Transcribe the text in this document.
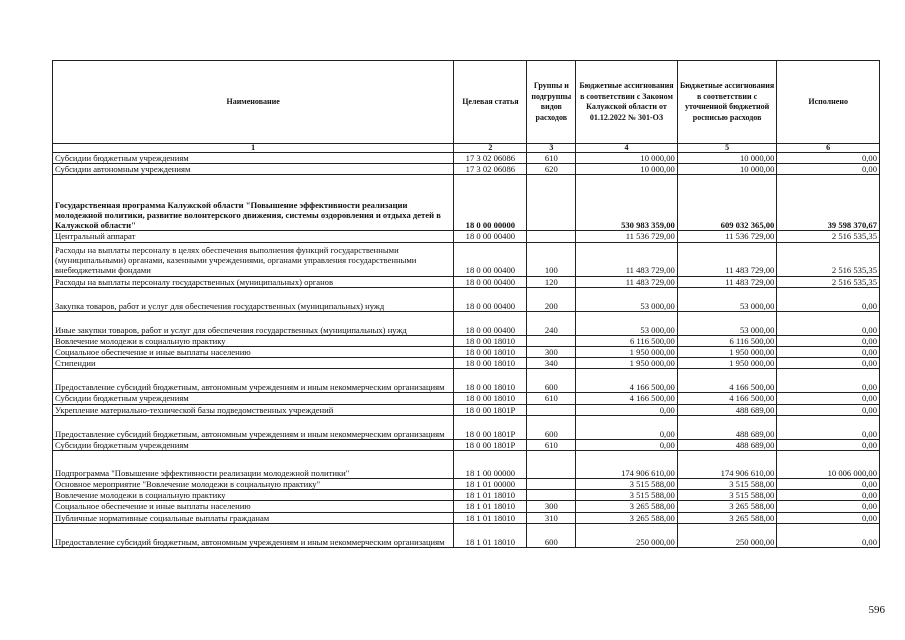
Наименование	Целевая статья	Группы и подгруппы видов расходов	Бюджетные ассигнования в соответствии с Законом Калужской области от 01.12.2022 № 301-ОЗ	Бюджетные ассигнования в соответствии с уточненной бюджетной росписью расходов	Исполнено
1	2	3	4	5	6
Субсидии бюджетным учреждениям	17 3 02 06086	610	10 000,00	10 000,00	0,00
Субсидии автономным учреждениям	17 3 02 06086	620	10 000,00	10 000,00	0,00
Государственная программа Калужской области "Повышение эффективности реализации молодежной политики, развитие волонтерского движения, системы оздоровления и отдыха детей в Калужской области"	18 0 00 00000		530 983 359,00	609 032 365,00	39 598 370,67
Центральный аппарат	18 0 00 00400		11 536 729,00	11 536 729,00	2 516 535,35
Расходы на выплаты персоналу в целях обеспечения выполнения функций государственными (муниципальными) органами, казенными учреждениями, органами управления государственными внебюджетными фондами	18 0 00 00400	100	11 483 729,00	11 483 729,00	2 516 535,35
Расходы на выплаты персоналу государственных (муниципальных) органов	18 0 00 00400	120	11 483 729,00	11 483 729,00	2 516 535,35
Закупка товаров, работ и услуг для обеспечения государственных (муниципальных) нужд	18 0 00 00400	200	53 000,00	53 000,00	0,00
Иные закупки товаров, работ и услуг для обеспечения государственных (муниципальных) нужд	18 0 00 00400	240	53 000,00	53 000,00	0,00
Вовлечение молодежи в социальную практику	18 0 00 18010		6 116 500,00	6 116 500,00	0,00
Социальное обеспечение и иные выплаты населению	18 0 00 18010	300	1 950 000,00	1 950 000,00	0,00
Стипендии	18 0 00 18010	340	1 950 000,00	1 950 000,00	0,00
Предоставление субсидий бюджетным, автономным учреждениям и иным некоммерческим организациям	18 0 00 18010	600	4 166 500,00	4 166 500,00	0,00
Субсидии бюджетным учреждениям	18 0 00 18010	610	4 166 500,00	4 166 500,00	0,00
Укрепление материально-технической базы подведомственных учреждений	18 0 00 1801P		0,00	488 689,00	0,00
Предоставление субсидий бюджетным, автономным учреждениям и иным некоммерческим организациям	18 0 00 1801P	600	0,00	488 689,00	0,00
Субсидии бюджетным учреждениям	18 0 00 1801P	610	0,00	488 689,00	0,00
Подпрограмма "Повышение эффективности реализации молодежной политики"	18 1 00 00000		174 906 610,00	174 906 610,00	10 006 000,00
Основное мероприятие "Вовлечение молодежи в социальную практику"	18 1 01 00000		3 515 588,00	3 515 588,00	0,00
Вовлечение молодежи в социальную практику	18 1 01 18010		3 515 588,00	3 515 588,00	0,00
Социальное обеспечение и иные выплаты населению	18 1 01 18010	300	3 265 588,00	3 265 588,00	0,00
Публичные нормативные социальные выплаты гражданам	18 1 01 18010	310	3 265 588,00	3 265 588,00	0,00
Предоставление субсидий бюджетным, автономным учреждениям и иным некоммерческим организациям	18 1 01 18010	600	250 000,00	250 000,00	0,00
596
